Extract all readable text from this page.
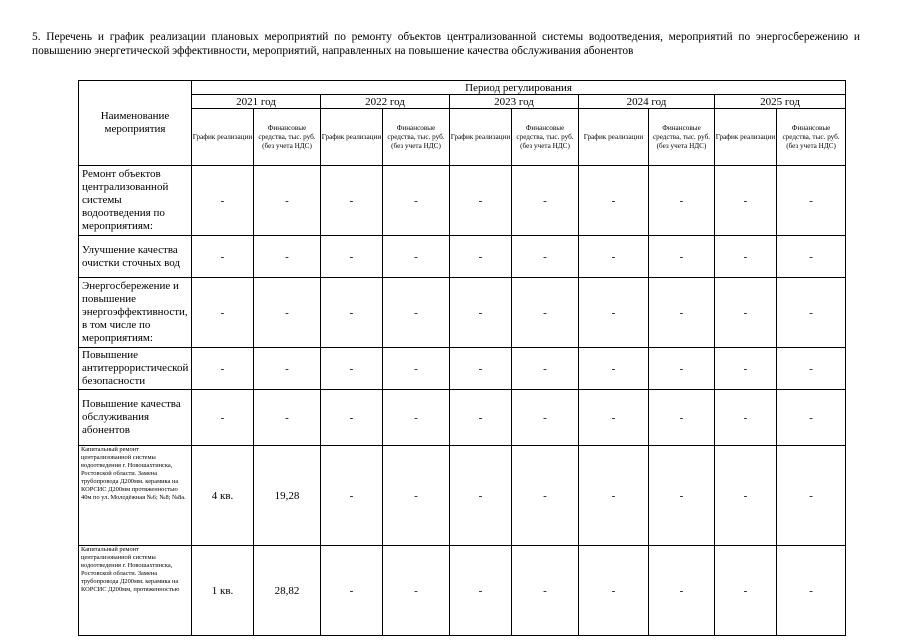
5. Перечень и график реализации плановых мероприятий по ремонту объектов централизованной системы водоотведения, мероприятий по энергосбережению и повышению энергетической эффективности, мероприятий, направленных на повышение качества обслуживания абонентов
Наименование мероприятия	Период регулирования									
	2021 год		2022 год		2023 год		2024 год		2025 год	
	График реализации	Финансовые средства, тыс. руб. (без учета НДС)	График реализации	Финансовые средства, тыс. руб. (без учета НДС)	График реализации	Финансовые средства, тыс. руб. (без учета НДС)	График реализации	Финансовые средства, тыс. руб. (без учета НДС)	График реализации	Финансовые средства, тыс. руб. (без учета НДС)
Ремонт объектов централизованной системы водоотведения по мероприятиям:	-	-	-	-	-	-	-	-	-	-
Улучшение качества очистки сточных вод	-	-	-	-	-	-	-	-	-	-
Энергосбережение и повышение энергоэффективности, в том числе по мероприятиям:	-	-	-	-	-	-	-	-	-	-
Повышение антитеррористической безопасности	-	-	-	-	-	-	-	-	-	-
Повышение качества обслуживания абонентов	-	-	-	-	-	-	-	-	-	-
Капитальный ремонт централизованной системы водоотведения г. Новошахтинска, Ростовской области. Замена трубопровода Д200мм. керамика на КОРСИС Д200мм протяженностью 40м по ул. Молодёжная №6; №8; №8а.	4 кв.	19,28	-	-	-	-	-	-	-	-
Капитальный ремонт централизованной системы водоотведения г. Новошахтинска, Ростовской области. Замена трубопровода Д200мм. керамика на КОРСИС Д200мм, протяженностью	1 кв.	28,82	-	-	-	-	-	-	-	-
